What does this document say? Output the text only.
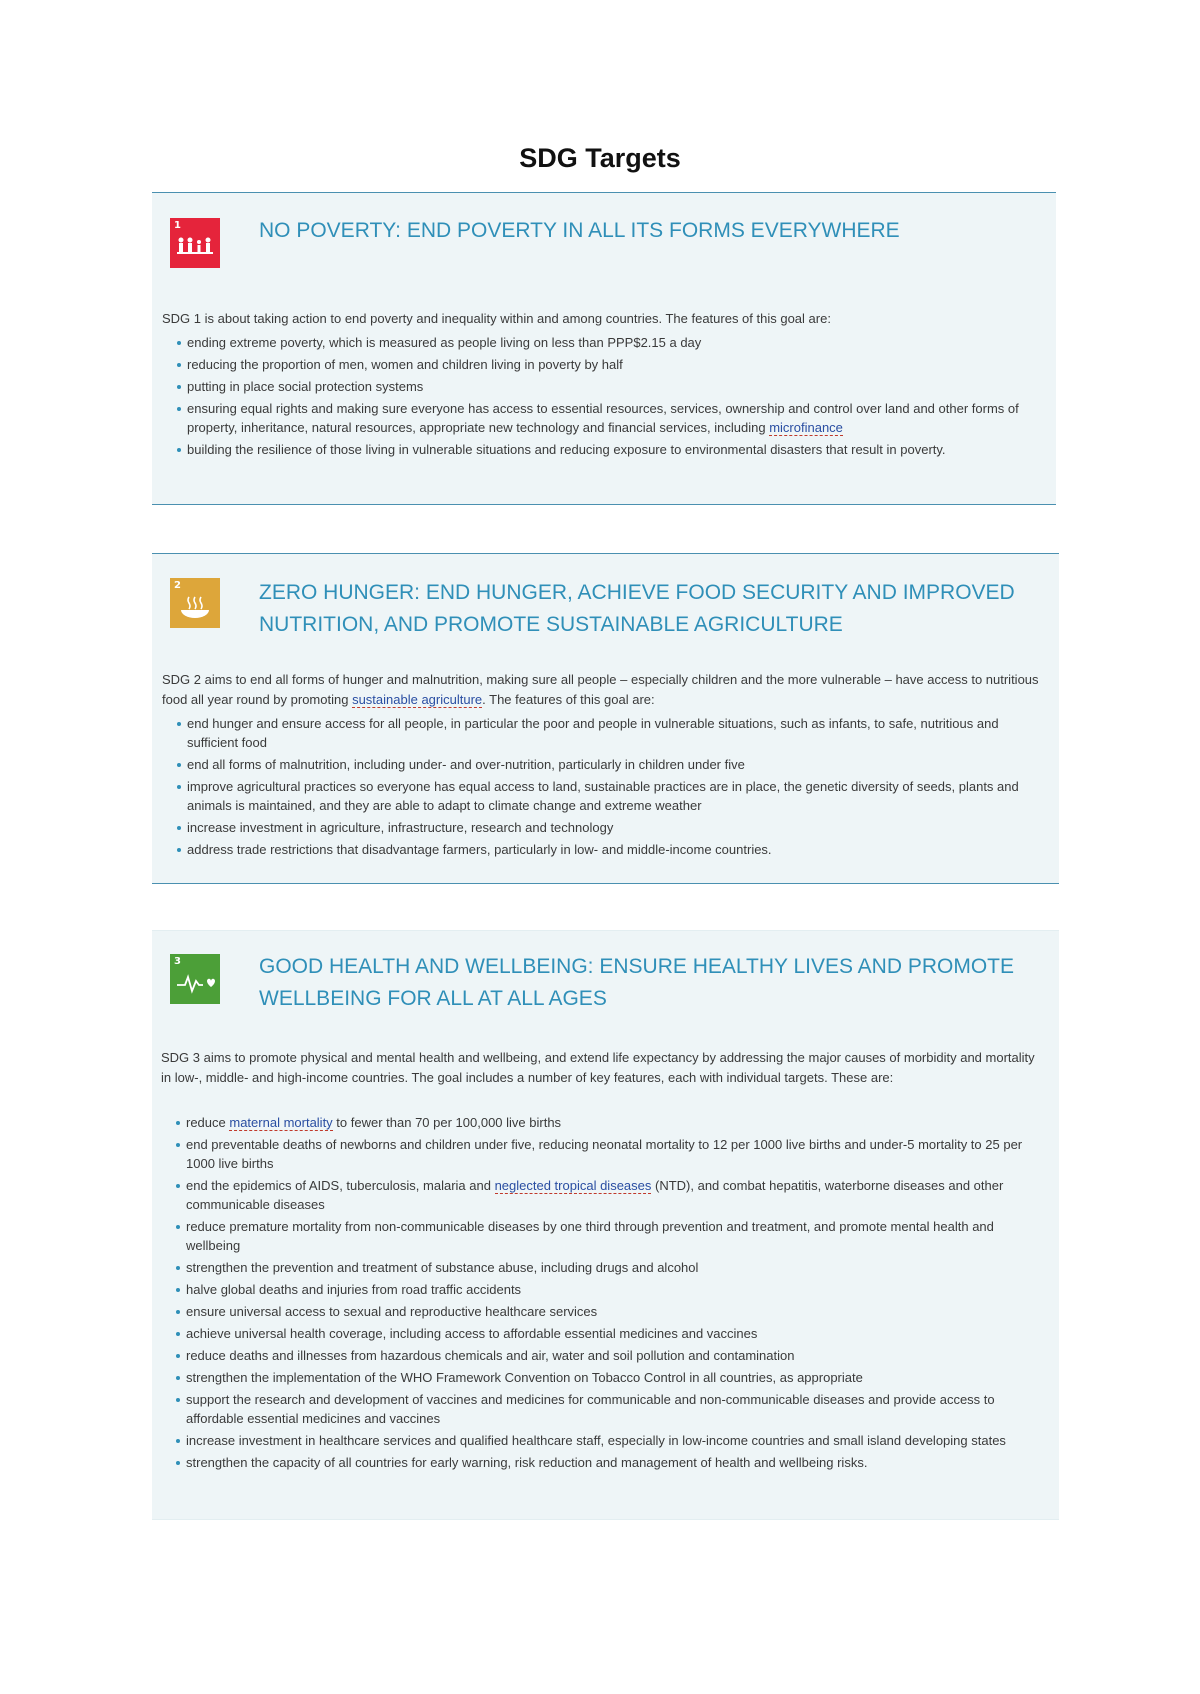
SDG Targets
1	NO POVERTY: END POVERTY IN ALL ITS FORMS EVERYWHERE
SDG 1 is about taking action to end poverty and inequality within and among countries. The features of this goal are:
ending extreme poverty, which is measured as people living on less than PPP$2.15 a day
reducing the proportion of men, women and children living in poverty by half
putting in place social protection systems
ensuring equal rights and making sure everyone has access to essential resources, services, ownership and control over land and other forms of property, inheritance, natural resources, appropriate new technology and financial services, including microfinance
building the resilience of those living in vulnerable situations and reducing exposure to environmental disasters that result in poverty.
2	ZERO HUNGER: END HUNGER, ACHIEVE FOOD SECURITY AND IMPROVED NUTRITION, AND PROMOTE SUSTAINABLE AGRICULTURE
SDG 2 aims to end all forms of hunger and malnutrition, making sure all people – especially children and the more vulnerable – have access to nutritious food all year round by promoting sustainable agriculture. The features of this goal are:
end hunger and ensure access for all people, in particular the poor and people in vulnerable situations, such as infants, to safe, nutritious and sufficient food
end all forms of malnutrition, including under- and over-nutrition, particularly in children under five
improve agricultural practices so everyone has equal access to land, sustainable practices are in place, the genetic diversity of seeds, plants and animals is maintained, and they are able to adapt to climate change and extreme weather
increase investment in agriculture, infrastructure, research and technology
address trade restrictions that disadvantage farmers, particularly in low- and middle-income countries.
3	GOOD HEALTH AND WELLBEING: ENSURE HEALTHY LIVES AND PROMOTE WELLBEING FOR ALL AT ALL AGES
SDG 3 aims to promote physical and mental health and wellbeing, and extend life expectancy by addressing the major causes of morbidity and mortality in low-, middle- and high-income countries. The goal includes a number of key features, each with individual targets. These are:
reduce maternal mortality to fewer than 70 per 100,000 live births
end preventable deaths of newborns and children under five, reducing neonatal mortality to 12 per 1000 live births and under-5 mortality to 25 per 1000 live births
end the epidemics of AIDS, tuberculosis, malaria and neglected tropical diseases (NTD), and combat hepatitis, waterborne diseases and other communicable diseases
reduce premature mortality from non-communicable diseases by one third through prevention and treatment, and promote mental health and wellbeing
strengthen the prevention and treatment of substance abuse, including drugs and alcohol
halve global deaths and injuries from road traffic accidents
ensure universal access to sexual and reproductive healthcare services
achieve universal health coverage, including access to affordable essential medicines and vaccines
reduce deaths and illnesses from hazardous chemicals and air, water and soil pollution and contamination
strengthen the implementation of the WHO Framework Convention on Tobacco Control in all countries, as appropriate
support the research and development of vaccines and medicines for communicable and non-communicable diseases and provide access to affordable essential medicines and vaccines
increase investment in healthcare services and qualified healthcare staff, especially in low-income countries and small island developing states
strengthen the capacity of all countries for early warning, risk reduction and management of health and wellbeing risks.
